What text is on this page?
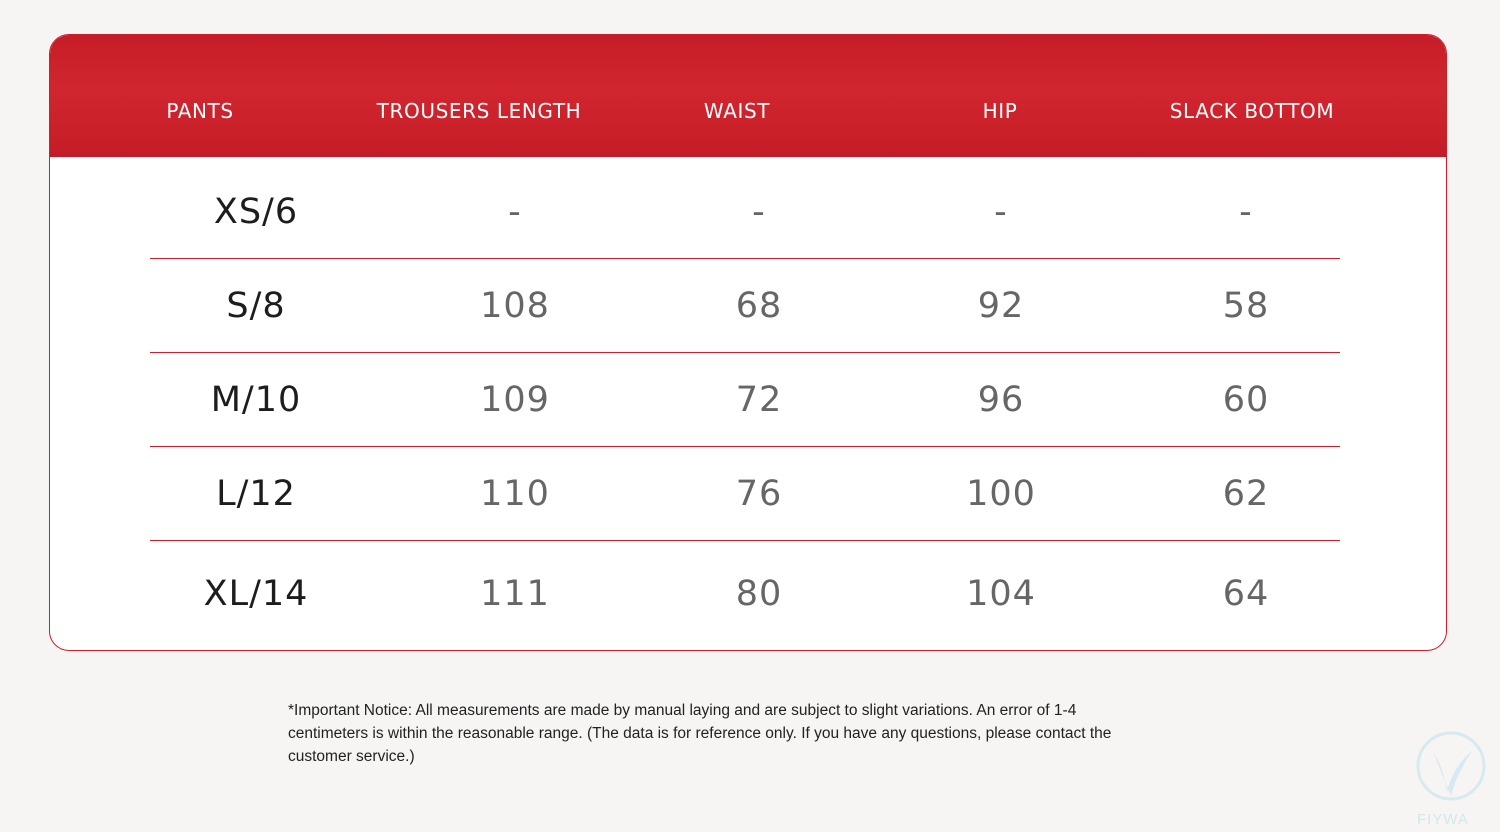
PANTS	TROUSERS LENGTH	WAIST	HIP	SLACK BOTTOM
XS/6	-	-	-	-
S/8	108	68	92	58
M/10	109	72	96	60
L/12	110	76	100	62
XL/14	111	80	104	64
*Important Notice: All measurements are made by manual laying and are subject to slight variations. An error of 1-4 centimeters is within the reasonable range. (The data is for reference only. If you have any questions, please contact the customer service.)
FIYWA
